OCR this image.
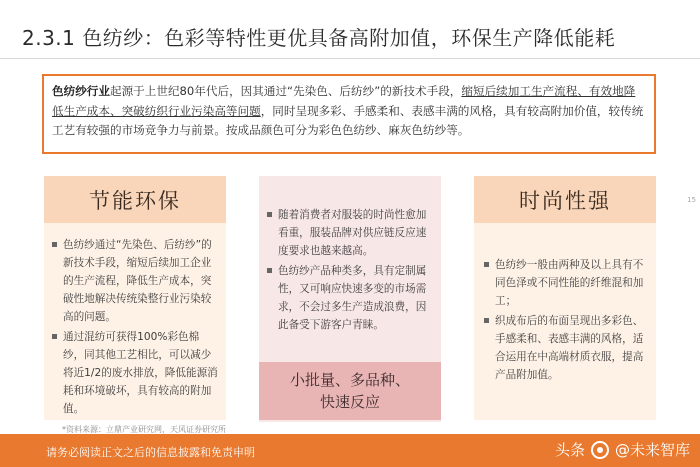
2.3.1 色纺纱：色彩等特性更优具备高附加值，环保生产降低能耗
色纺纱行业起源于上世纪80年代后，因其通过“先染色、后纺纱”的新技术手段，缩短后续加工生产流程、有效地降低生产成本、突破纺织行业污染高等问题，同时呈现多彩、手感柔和、表感丰满的风格，具有较高附加价值，较传统工艺有较强的市场竞争力与前景。按成品颜色可分为彩色色纺纱、麻灰色纺纱等。
节能环保
色纺纱通过“先染色、后纺纱”的新技术手段，缩短后续加工企业的生产流程，降低生产成本，突破性地解决传统染整行业污染较高的问题。
通过混纺可获得100%彩色棉纱，同其他工艺相比，可以减少将近1/2的废水排放，降低能源消耗和环境破坏，具有较高的附加值。
随着消费者对服装的时尚性愈加看重，服装品牌对供应链反应速度要求也越来越高。
色纺纱产品种类多，具有定制属性，又可响应快速多变的市场需求，不会过多生产造成浪费，因此备受下游客户青睐。
小批量、多品种、
快速反应
时尚性强
色纺纱一般由两种及以上具有不同色泽或不同性能的纤维混和加工；
织成布后的布面呈现出多彩色、手感柔和、表感丰满的风格，适合运用在中高端材质衣服，提高产品附加值。
15
*资料来源：立鼎产业研究网，天风证券研究所
请务必阅读正文之后的信息披露和免责申明	头条 @未来智库
